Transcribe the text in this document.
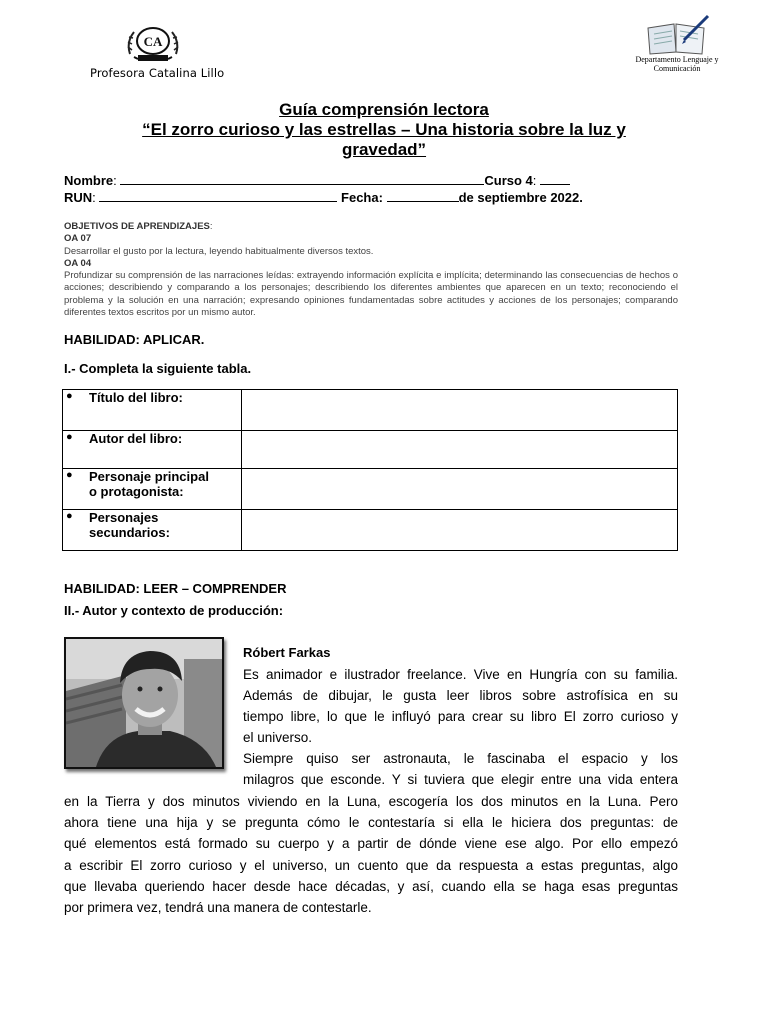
CA
Profesora Catalina Lillo
Departamento Lenguaje y
Comunicación
Guía comprensión lectora
“El zorro curioso y las estrellas – Una historia sobre la luz y
gravedad”
Nombre:	Curso 4:
RUN:	Fecha:	de septiembre 2022.
OBJETIVOS DE APRENDIZAJES:
OA 07
Desarrollar el gusto por la lectura, leyendo habitualmente diversos textos.
OA 04
Profundizar su comprensión de las narraciones leídas: extrayendo información explícita e implícita; determinando las consecuencias de hechos o acciones; describiendo y comparando a los personajes; describiendo los diferentes ambientes que aparecen en un texto; reconociendo el problema y la solución en una narración; expresando opiniones fundamentadas sobre actitudes y acciones de los personajes; comparando diferentes textos escritos por un mismo autor.
HABILIDAD: APLICAR.
I.- Completa la siguiente tabla.
● Título del libro:	

● Autor del libro:	

● Personaje principal
o protagonista:	

● Personajes
secundarios:	

HABILIDAD: LEER – COMPRENDER
II.- Autor y contexto de producción:
Róbert Farkas
Es animador e ilustrador freelance. Vive en Hungría con su familia.
Además de dibujar, le gusta leer libros sobre astrofísica en su
tiempo libre, lo que le influyó para crear su libro El zorro curioso y
el universo.
Siempre quiso ser astronauta, le fascinaba el espacio y los
milagros que esconde. Y si tuviera que elegir entre una vida entera
en la Tierra y dos minutos viviendo en la Luna, escogería los dos minutos en la Luna. Pero
ahora tiene una hija y se pregunta cómo le contestaría si ella le hiciera dos preguntas: de
qué elementos está formado su cuerpo y a partir de dónde viene ese algo. Por ello empezó
a escribir El zorro curioso y el universo, un cuento que da respuesta a estas preguntas, algo
que llevaba queriendo hacer desde hace décadas, y así, cuando ella se haga esas preguntas
por primera vez, tendrá una manera de contestarle.
